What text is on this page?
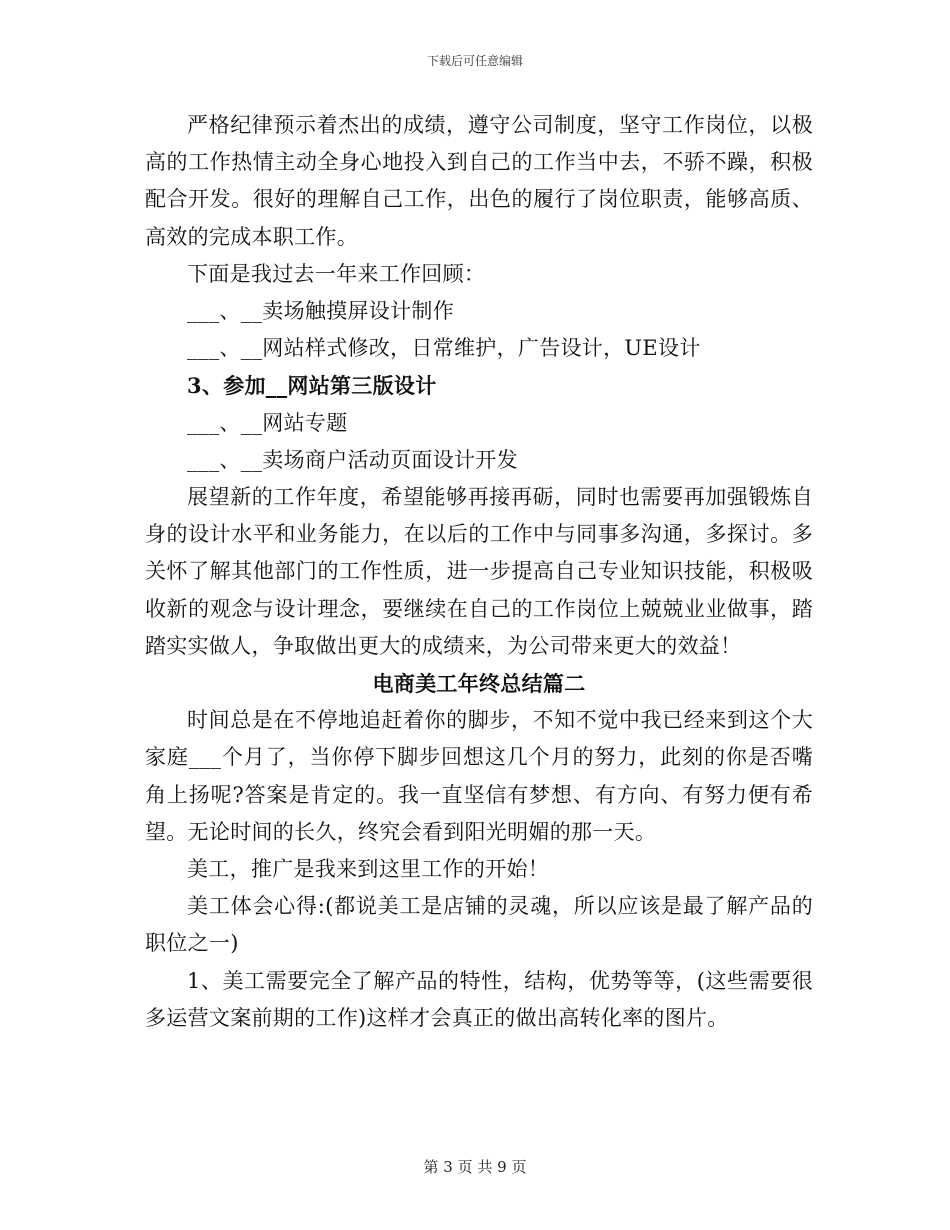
下载后可任意编辑

严格纪律预示着杰出的成绩，遵守公司制度，坚守工作岗位，以极高的工作热情主动全身心地投入到自己的工作当中去，不骄不躁，积极配合开发。很好的理解自己工作，出色的履行了岗位职责，能够高质、高效的完成本职工作。

下面是我过去一年来工作回顾：

___、__卖场触摸屏设计制作

___、__网站样式修改，日常维护，广告设计，UE设计

3、参加__网站第三版设计

___、__网站专题

___、__卖场商户活动页面设计开发

展望新的工作年度，希望能够再接再砺，同时也需要再加强锻炼自身的设计水平和业务能力，在以后的工作中与同事多沟通，多探讨。多关怀了解其他部门的工作性质，进一步提高自己专业知识技能，积极吸收新的观念与设计理念，要继续在自己的工作岗位上兢兢业业做事，踏踏实实做人，争取做出更大的成绩来，为公司带来更大的效益！

电商美工年终总结篇二

时间总是在不停地追赶着你的脚步，不知不觉中我已经来到这个大家庭___个月了，当你停下脚步回想这几个月的努力，此刻的你是否嘴角上扬呢?答案是肯定的。我一直坚信有梦想、有方向、有努力便有希望。无论时间的长久，终究会看到阳光明媚的那一天。

美工，推广是我来到这里工作的开始！

美工体会心得:(都说美工是店铺的灵魂，所以应该是最了解产品的职位之一)

1、美工需要完全了解产品的特性，结构，优势等等，(这些需要很多运营文案前期的工作)这样才会真正的做出高转化率的图片。

第 3 页 共 9 页
